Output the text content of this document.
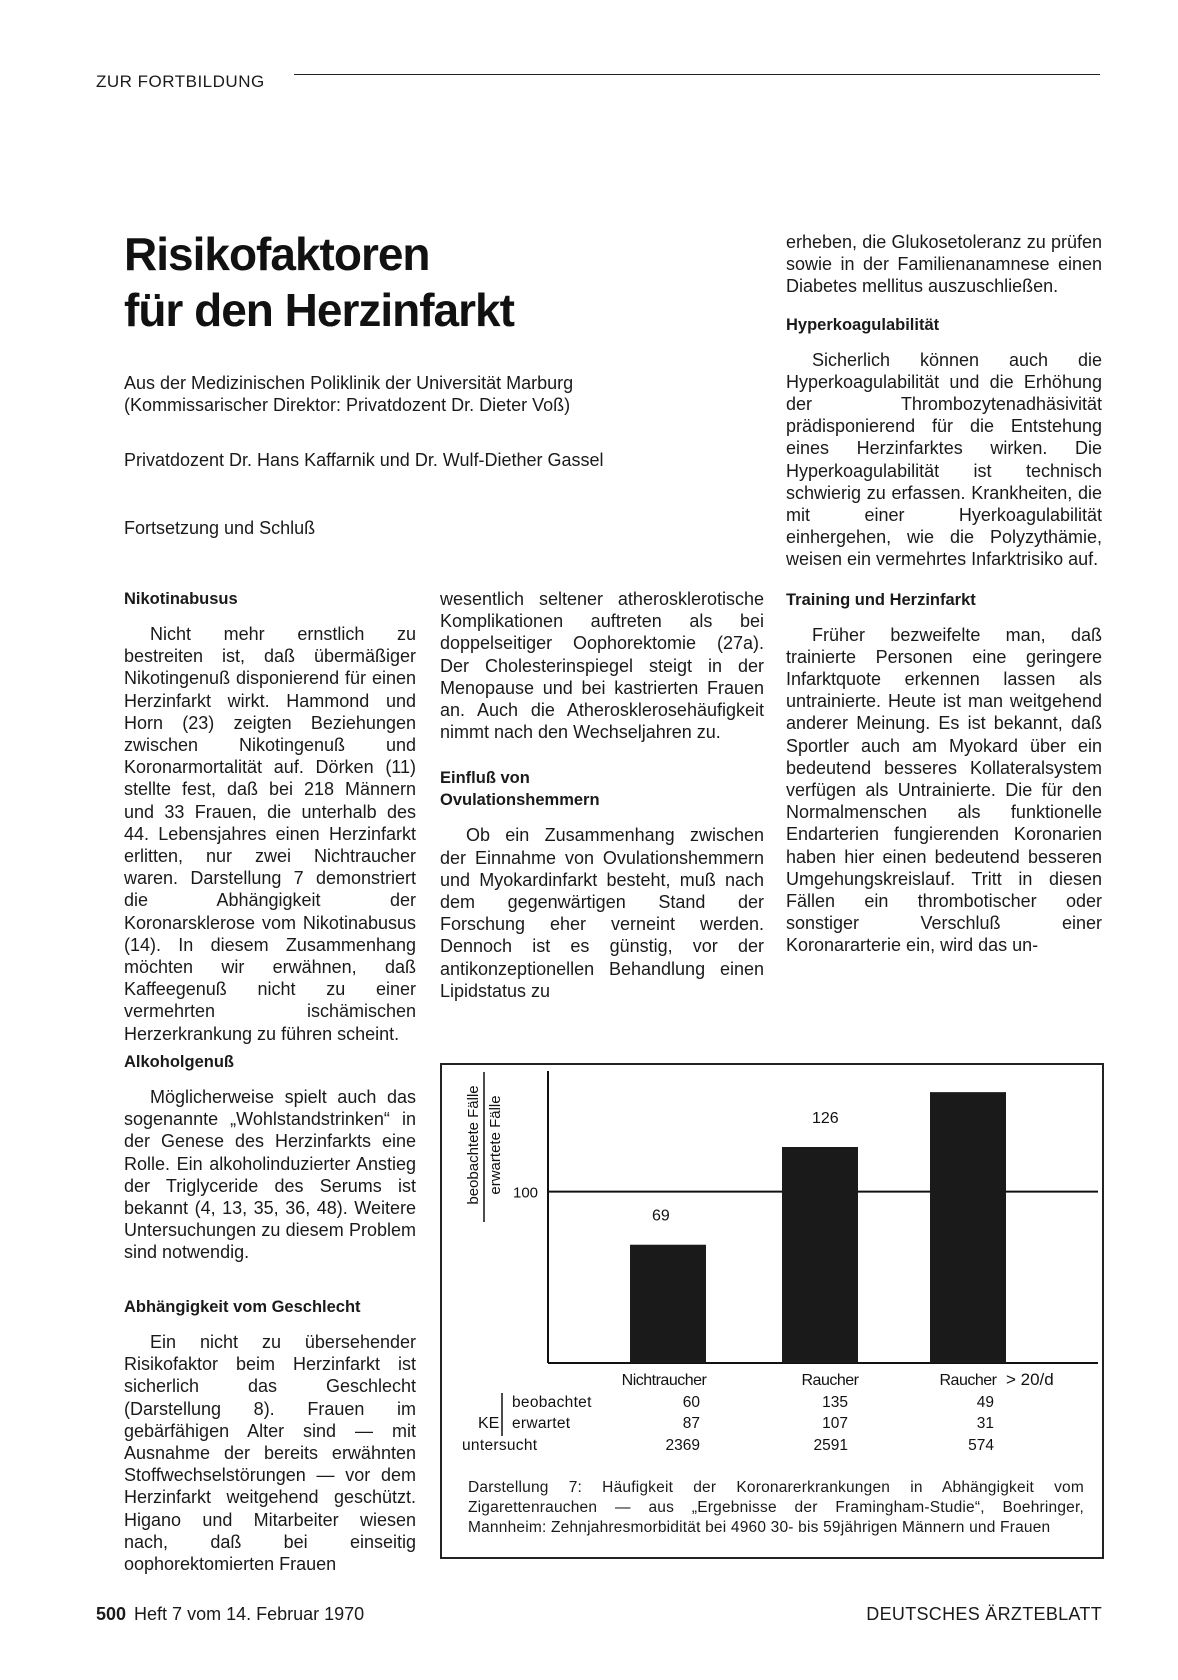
ZUR FORTBILDUNG
Risikofaktoren
für den Herzinfarkt
Aus der Medizinischen Poliklinik der Universität Marburg
(Kommissarischer Direktor: Privatdozent Dr. Dieter Voß)
Privatdozent Dr. Hans Kaffarnik und Dr. Wulf-Diether Gassel
Fortsetzung und Schluß
Nikotinabusus
Nicht mehr ernstlich zu bestreiten ist, daß übermäßiger Nikotingenuß disponierend für einen Herzinfarkt wirkt. Hammond und Horn (23) zeigten Beziehungen zwischen Nikotingenuß und Koronarmortalität auf. Dörken (11) stellte fest, daß bei 218 Männern und 33 Frauen, die unterhalb des 44. Lebensjahres einen Herzinfarkt erlitten, nur zwei Nichtraucher waren. Darstellung 7 demonstriert die Abhängigkeit der Koronarsklerose vom Nikotinabusus (14). In diesem Zusammenhang möchten wir erwähnen, daß Kaffeegenuß nicht zu einer vermehrten ischämischen Herzerkrankung zu führen scheint.
Alkoholgenuß
Möglicherweise spielt auch das sogenannte „Wohlstandstrinken“ in der Genese des Herzinfarkts eine Rolle. Ein alkoholinduzierter Anstieg der Triglyceride des Serums ist bekannt (4, 13, 35, 36, 48). Weitere Untersuchungen zu diesem Problem sind notwendig.
Abhängigkeit vom Geschlecht
Ein nicht zu übersehender Risikofaktor beim Herzinfarkt ist sicherlich das Geschlecht (Darstellung 8). Frauen im gebärfähigen Alter sind — mit Ausnahme der bereits erwähnten Stoffwechselstörungen — vor dem Herzinfarkt weitgehend geschützt. Higano und Mitarbeiter wiesen nach, daß bei einseitig oophorektomierten Frauen
wesentlich seltener atherosklerotische Komplikationen auftreten als bei doppelseitiger Oophorektomie (27a). Der Cholesterinspiegel steigt in der Menopause und bei kastrierten Frauen an. Auch die Atherosklerosehäufigkeit nimmt nach den Wechseljahren zu.
Einfluß von
Ovulationshemmern
Ob ein Zusammenhang zwischen der Einnahme von Ovulationshemmern und Myokardinfarkt besteht, muß nach dem gegenwärtigen Stand der Forschung eher verneint werden. Dennoch ist es günstig, vor der antikonzeptionellen Behandlung einen Lipidstatus zu
erheben, die Glukosetoleranz zu prüfen sowie in der Familienanamnese einen Diabetes mellitus auszuschließen.
Hyperkoagulabilität
Sicherlich können auch die Hyperkoagulabilität und die Erhöhung der Thrombozytenadhäsivität prädisponierend für die Entstehung eines Herzinfarktes wirken. Die Hyperkoagulabilität ist technisch schwierig zu erfassen. Krankheiten, die mit einer Hyerkoagulabilität einhergehen, wie die Polyzythämie, weisen ein vermehrtes Infarktrisiko auf.
Training und Herzinfarkt
Früher bezweifelte man, daß trainierte Personen eine geringere Infarktquote erkennen lassen als untrainierte. Heute ist man weitgehend anderer Meinung. Es ist bekannt, daß Sportler auch am Myokard über ein bedeutend besseres Kollateralsystem verfügen als Untrainierte. Die für den Normalmenschen als funktionelle Endarterien fungierenden Koronarien haben hier einen bedeutend besseren Umgehungskreislauf. Tritt in diesen Fällen ein thrombotischer oder sonstiger Verschluß einer Koronararterie ein, wird das un-
beobachtete Fälle erwartete Fälle 100
69
126
Nichtraucher	Raucher	Raucher > 20/d
KE
beobachtet	60	135	49
erwartet	87	107	31
untersucht	2369	2591	574
Darstellung 7: Häufigkeit der Koronarerkrankungen in Abhängigkeit vom Zigarettenrauchen — aus „Ergebnisse der Framingham-Studie“, Boehringer, Mannheim: Zehnjahresmorbidität bei 4960 30- bis 59jährigen Männern und Frauen
500 Heft 7 vom 14. Februar 1970	DEUTSCHES ÄRZTEBLATT
